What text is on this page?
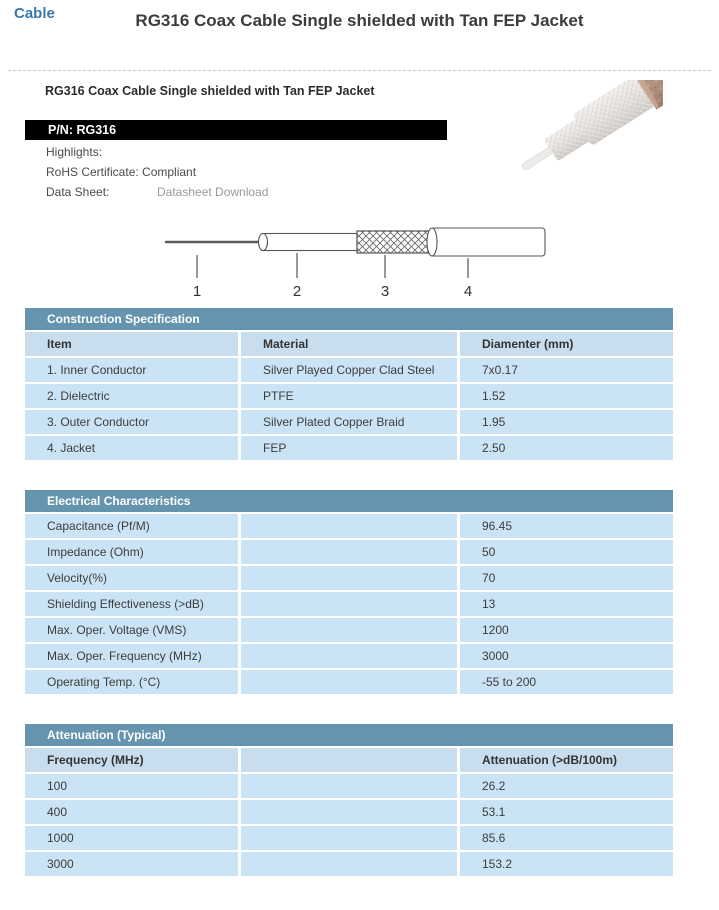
Cable	RG316 Coax Cable Single shielded with Tan FEP Jacket
RG316 Coax Cable Single shielded with Tan FEP Jacket
P/N: RG316
Highlights:
RoHS Certificate: Compliant
Data Sheet:	Datasheet Download
1	2	3	4
Construction Specification
Item	Material	Diamenter (mm)
1. Inner Conductor	Silver Played Copper Clad Steel	7x0.17
2. Dielectric	PTFE	1.52
3. Outer Conductor	Silver Plated Copper Braid	1.95
4. Jacket	FEP	2.50
Electrical Characteristics
Capacitance (Pf/M)	96.45
Impedance (Ohm)	50
Velocity(%)	70
Shielding Effectiveness (>dB)	13
Max. Oper. Voltage (VMS)	1200
Max. Oper. Frequency (MHz)	3000
Operating Temp. (°C)	-55 to 200
Attenuation (Typical)
Frequency (MHz)	Attenuation (>dB/100m)
100	26.2
400	53.1
1000	85.6
3000	153.2
